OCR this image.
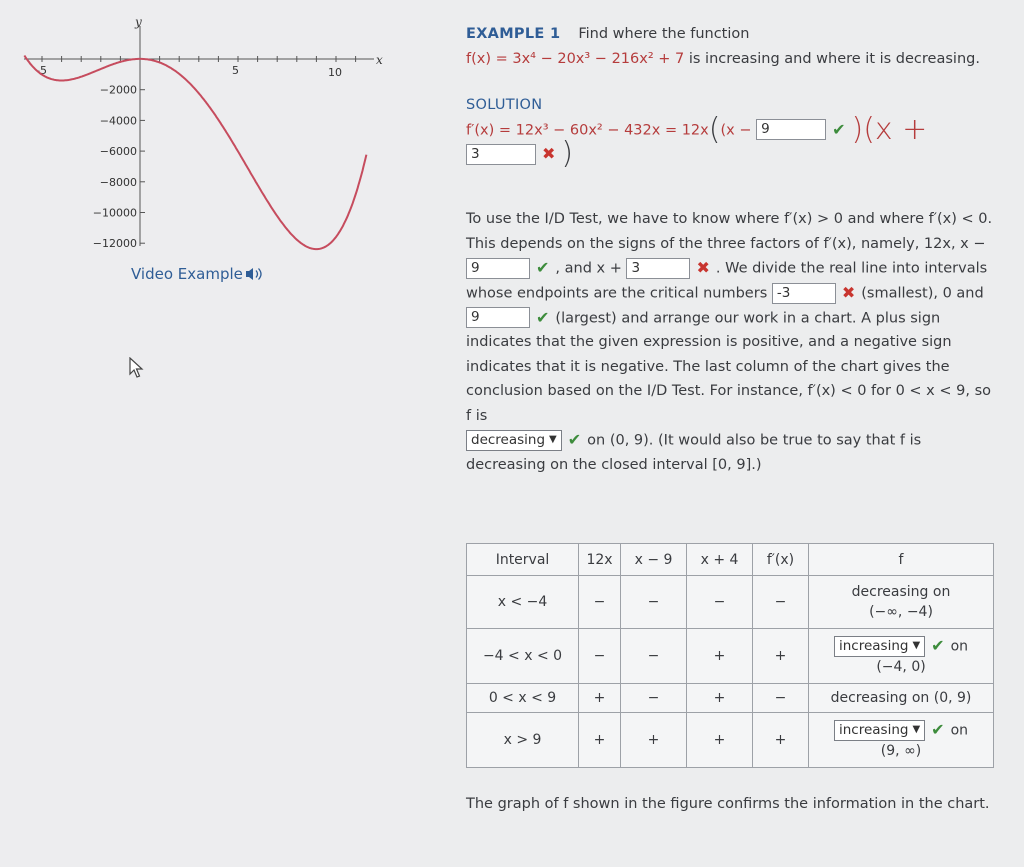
y
x
-5	5	10
−2000
−4000
−6000
−8000
−10000
−12000
Video Example
EXAMPLE 1 Find where the function
f(x) = 3x⁴ − 20x³ − 216x² + 7 is increasing and where it is decreasing.
SOLUTION
f′(x) = 12x³ − 60x² − 432x = 12x((x − 9	✔ )(x +
3	✖ )
To use the I/D Test, we have to know where f′(x) > 0 and where f′(x) < 0. This depends on the signs of the three factors of f′(x), namely, 12x, x − 9	✔ , and x + 3	✖ . We divide the real line into intervals whose endpoints are the critical numbers -3	✖ (smallest), 0 and 9	✔ (largest) and arrange our work in a chart. A plus sign indicates that the given expression is positive, and a negative sign indicates that it is negative. The last column of the chart gives the conclusion based on the I/D Test. For instance, f′(x) < 0 for 0 < x < 9, so f is

decreasing ▼ ✔ on (0, 9). (It would also be true to say that f is decreasing on the closed interval [0, 9].)
Interval	12x	x − 9	x + 4	f′(x)	f
x < −4	−	−	−	−	decreasing on
(−∞, −4)

−4 < x < 0	−	−	+	+	increasing ▼ ✔ on
(−4, 0)

0 < x < 9	+	−	+	−	decreasing on (0, 9)
x > 9	+	+	+	+	increasing ▼ ✔ on
(9, ∞)
The graph of f shown in the figure confirms the information in the chart.
